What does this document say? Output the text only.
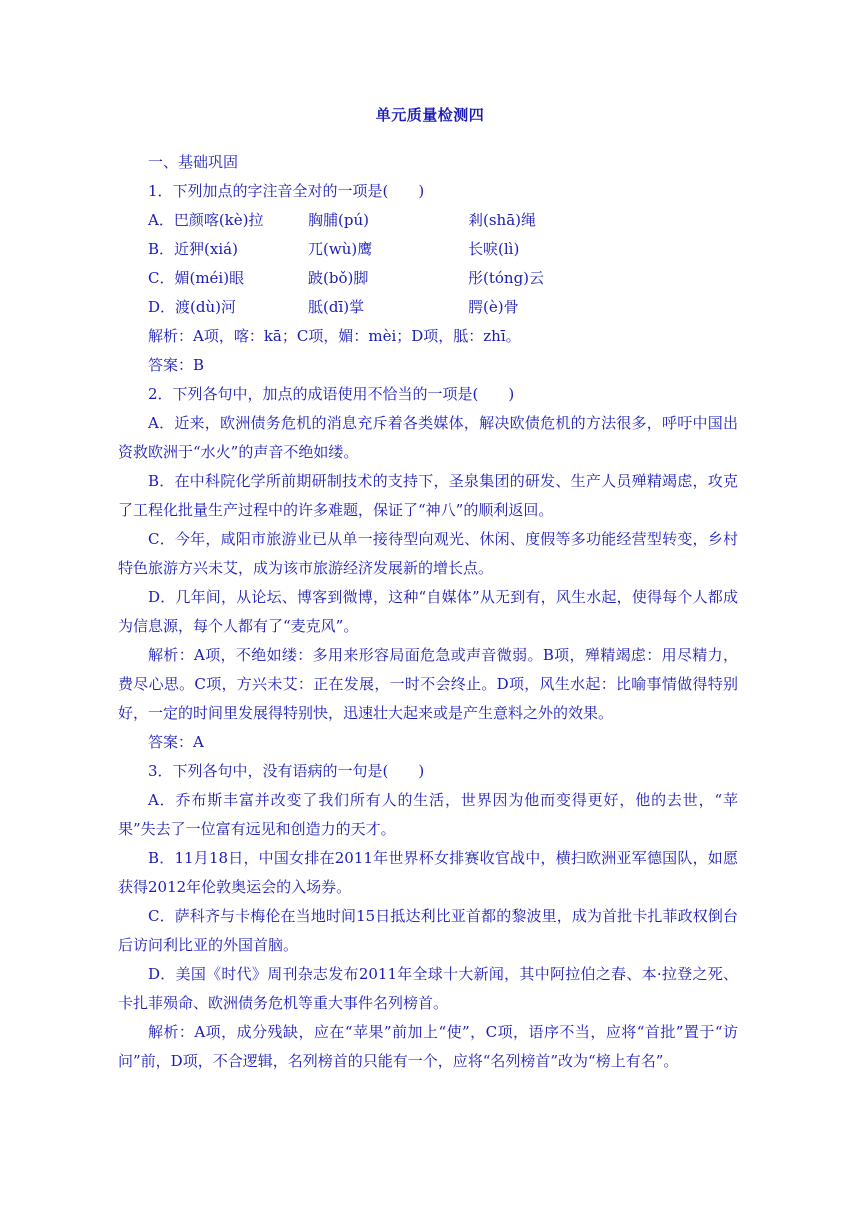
单元质量检测四
一、基础巩固
1．下列加点的字注音全对的一项是(　　)
A．巴颜喀(kè)拉	胸脯(pú)	剎(shā)绳
B．近狎(xiá)	兀(wù)鹰	长唳(lì)
C．媚(méi)眼	跛(bǒ)脚	彤(tóng)云
D．渡(dù)河	胝(dī)掌	腭(è)骨
解析：A项，喀：kā；C项，媚：mèi；D项，胝：zhī。
答案：B
2．下列各句中，加点的成语使用不恰当的一项是(　　)
A．近来，欧洲债务危机的消息充斥着各类媒体，解决欧债危机的方法很多，呼吁中国出资救欧洲于“水火”的声音不绝如缕。
B．在中科院化学所前期研制技术的支持下，圣泉集团的研发、生产人员殚精竭虑，攻克了工程化批量生产过程中的许多难题，保证了“神八”的顺利返回。
C．今年，咸阳市旅游业已从单一接待型向观光、休闲、度假等多功能经营型转变，乡村特色旅游方兴未艾，成为该市旅游经济发展新的增长点。
D．几年间，从论坛、博客到微博，这种“自媒体”从无到有，风生水起，使得每个人都成为信息源，每个人都有了“麦克风”。
解析：A项，不绝如缕：多用来形容局面危急或声音微弱。B项，殚精竭虑：用尽精力，费尽心思。C项，方兴未艾：正在发展，一时不会终止。D项，风生水起：比喻事情做得特别好，一定的时间里发展得特别快，迅速壮大起来或是产生意料之外的效果。
答案：A
3．下列各句中，没有语病的一句是(　　)
A．乔布斯丰富并改变了我们所有人的生活，世界因为他而变得更好，他的去世，“苹果”失去了一位富有远见和创造力的天才。
B．11月18日，中国女排在2011年世界杯女排赛收官战中，横扫欧洲亚军德国队，如愿获得2012年伦敦奥运会的入场券。
C．萨科齐与卡梅伦在当地时间15日抵达利比亚首都的黎波里，成为首批卡扎菲政权倒台后访问利比亚的外国首脑。
D．美国《时代》周刊杂志发布2011年全球十大新闻，其中阿拉伯之春、本·拉登之死、卡扎菲殒命、欧洲债务危机等重大事件名列榜首。
解析：A项，成分残缺，应在“苹果”前加上“使”，C项，语序不当，应将“首批”置于“访问”前，D项，不合逻辑，名列榜首的只能有一个，应将“名列榜首”改为“榜上有名”。
